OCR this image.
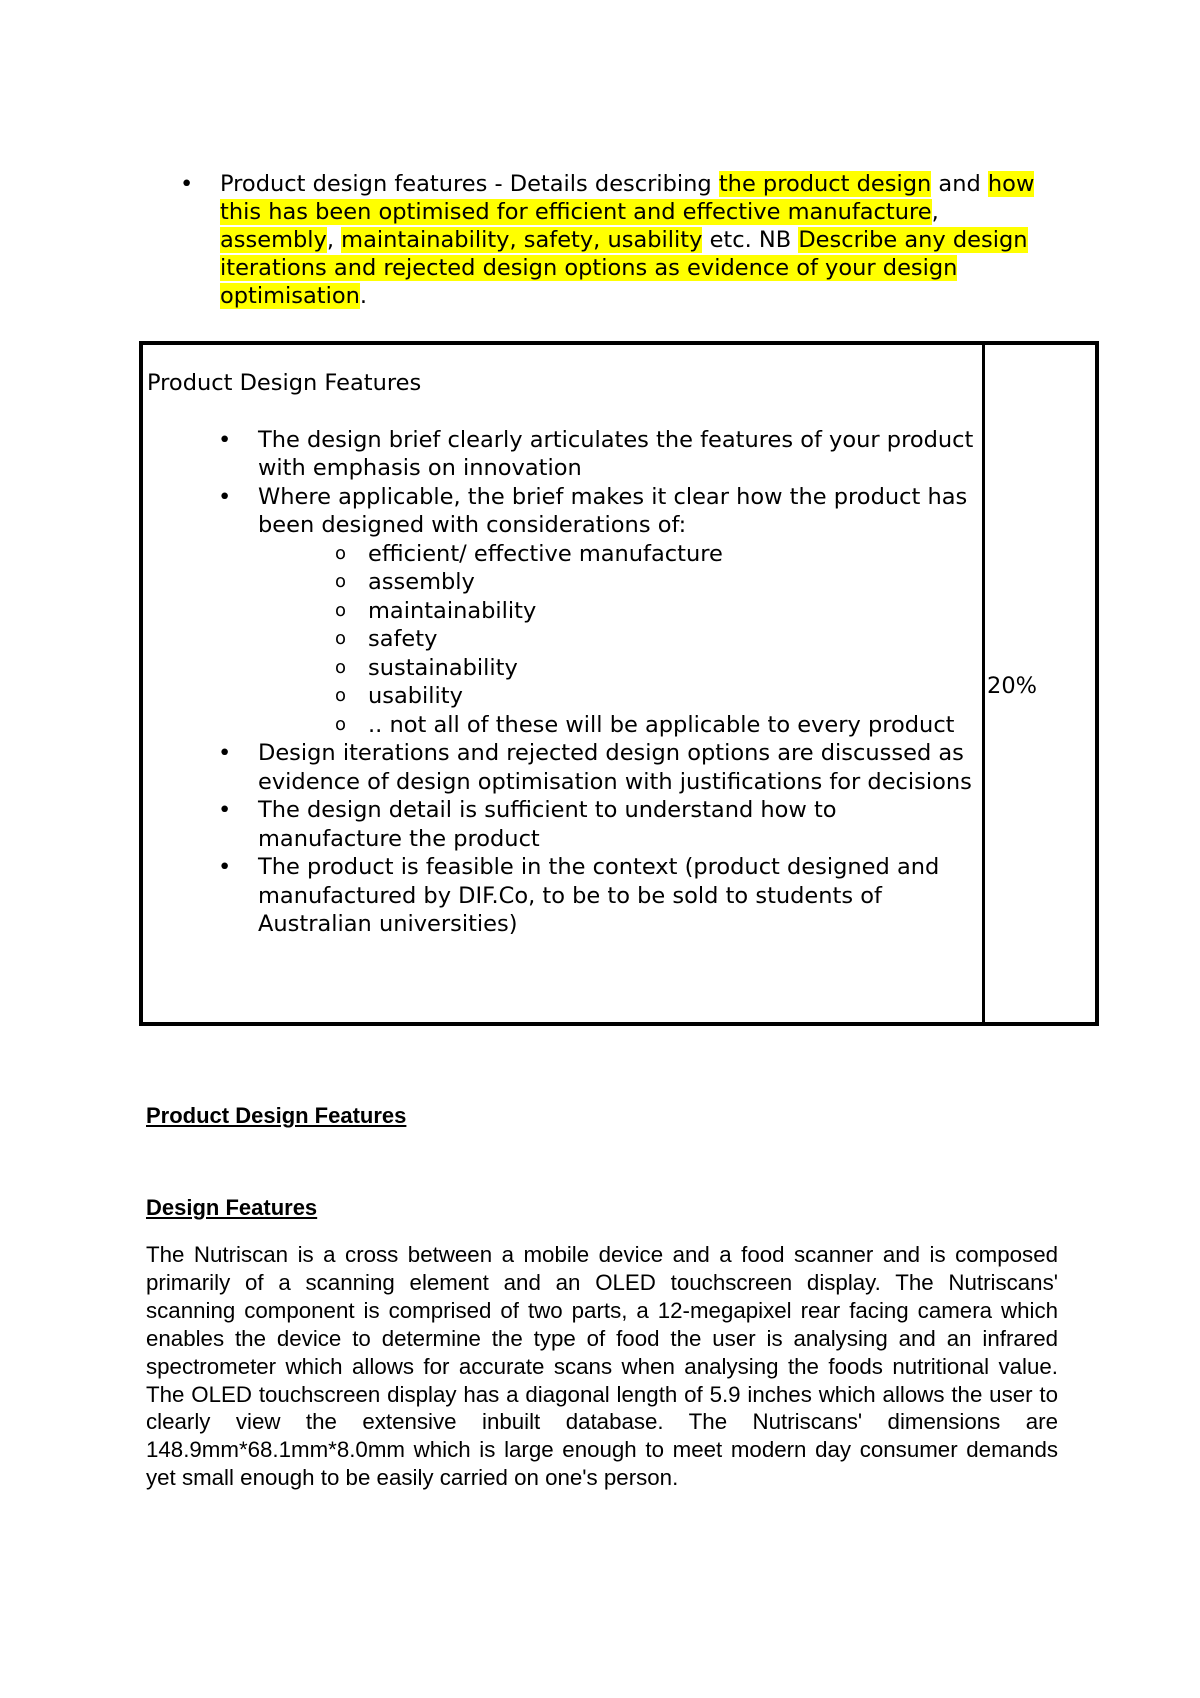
• Product design features - Details describing the product design and how this has been optimised for efficient and effective manufacture, assembly, maintainability, safety, usability etc. NB Describe any design iterations and rejected design options as evidence of your design optimisation.

Product Design Features

• The design brief clearly articulates the features of your product with emphasis on innovation
• Where applicable, the brief makes it clear how the product has been designed with considerations of:
o efficient/ effective manufacture
o assembly
o maintainability
o safety
o sustainability
o usability
o .. not all of these will be applicable to every product
• Design iterations and rejected design options are discussed as evidence of design optimisation with justifications for decisions
• The design detail is sufficient to understand how to manufacture the product
• The product is feasible in the context (product designed and manufactured by DIF.Co, to be to be sold to students of Australian universities)
20%
Product Design Features
Design Features

The Nutriscan is a cross between a mobile device and a food scanner and is composed primarily of a scanning element and an OLED touchscreen display. The Nutriscans' scanning component is comprised of two parts, a 12-megapixel rear facing camera which enables the device to determine the type of food the user is analysing and an infrared spectrometer which allows for accurate scans when analysing the foods nutritional value. The OLED touchscreen display has a diagonal length of 5.9 inches which allows the user to clearly view the extensive inbuilt database. The Nutriscans' dimensions are 148.9mm*68.1mm*8.0mm which is large enough to meet modern day consumer demands yet small enough to be easily carried on one's person.
